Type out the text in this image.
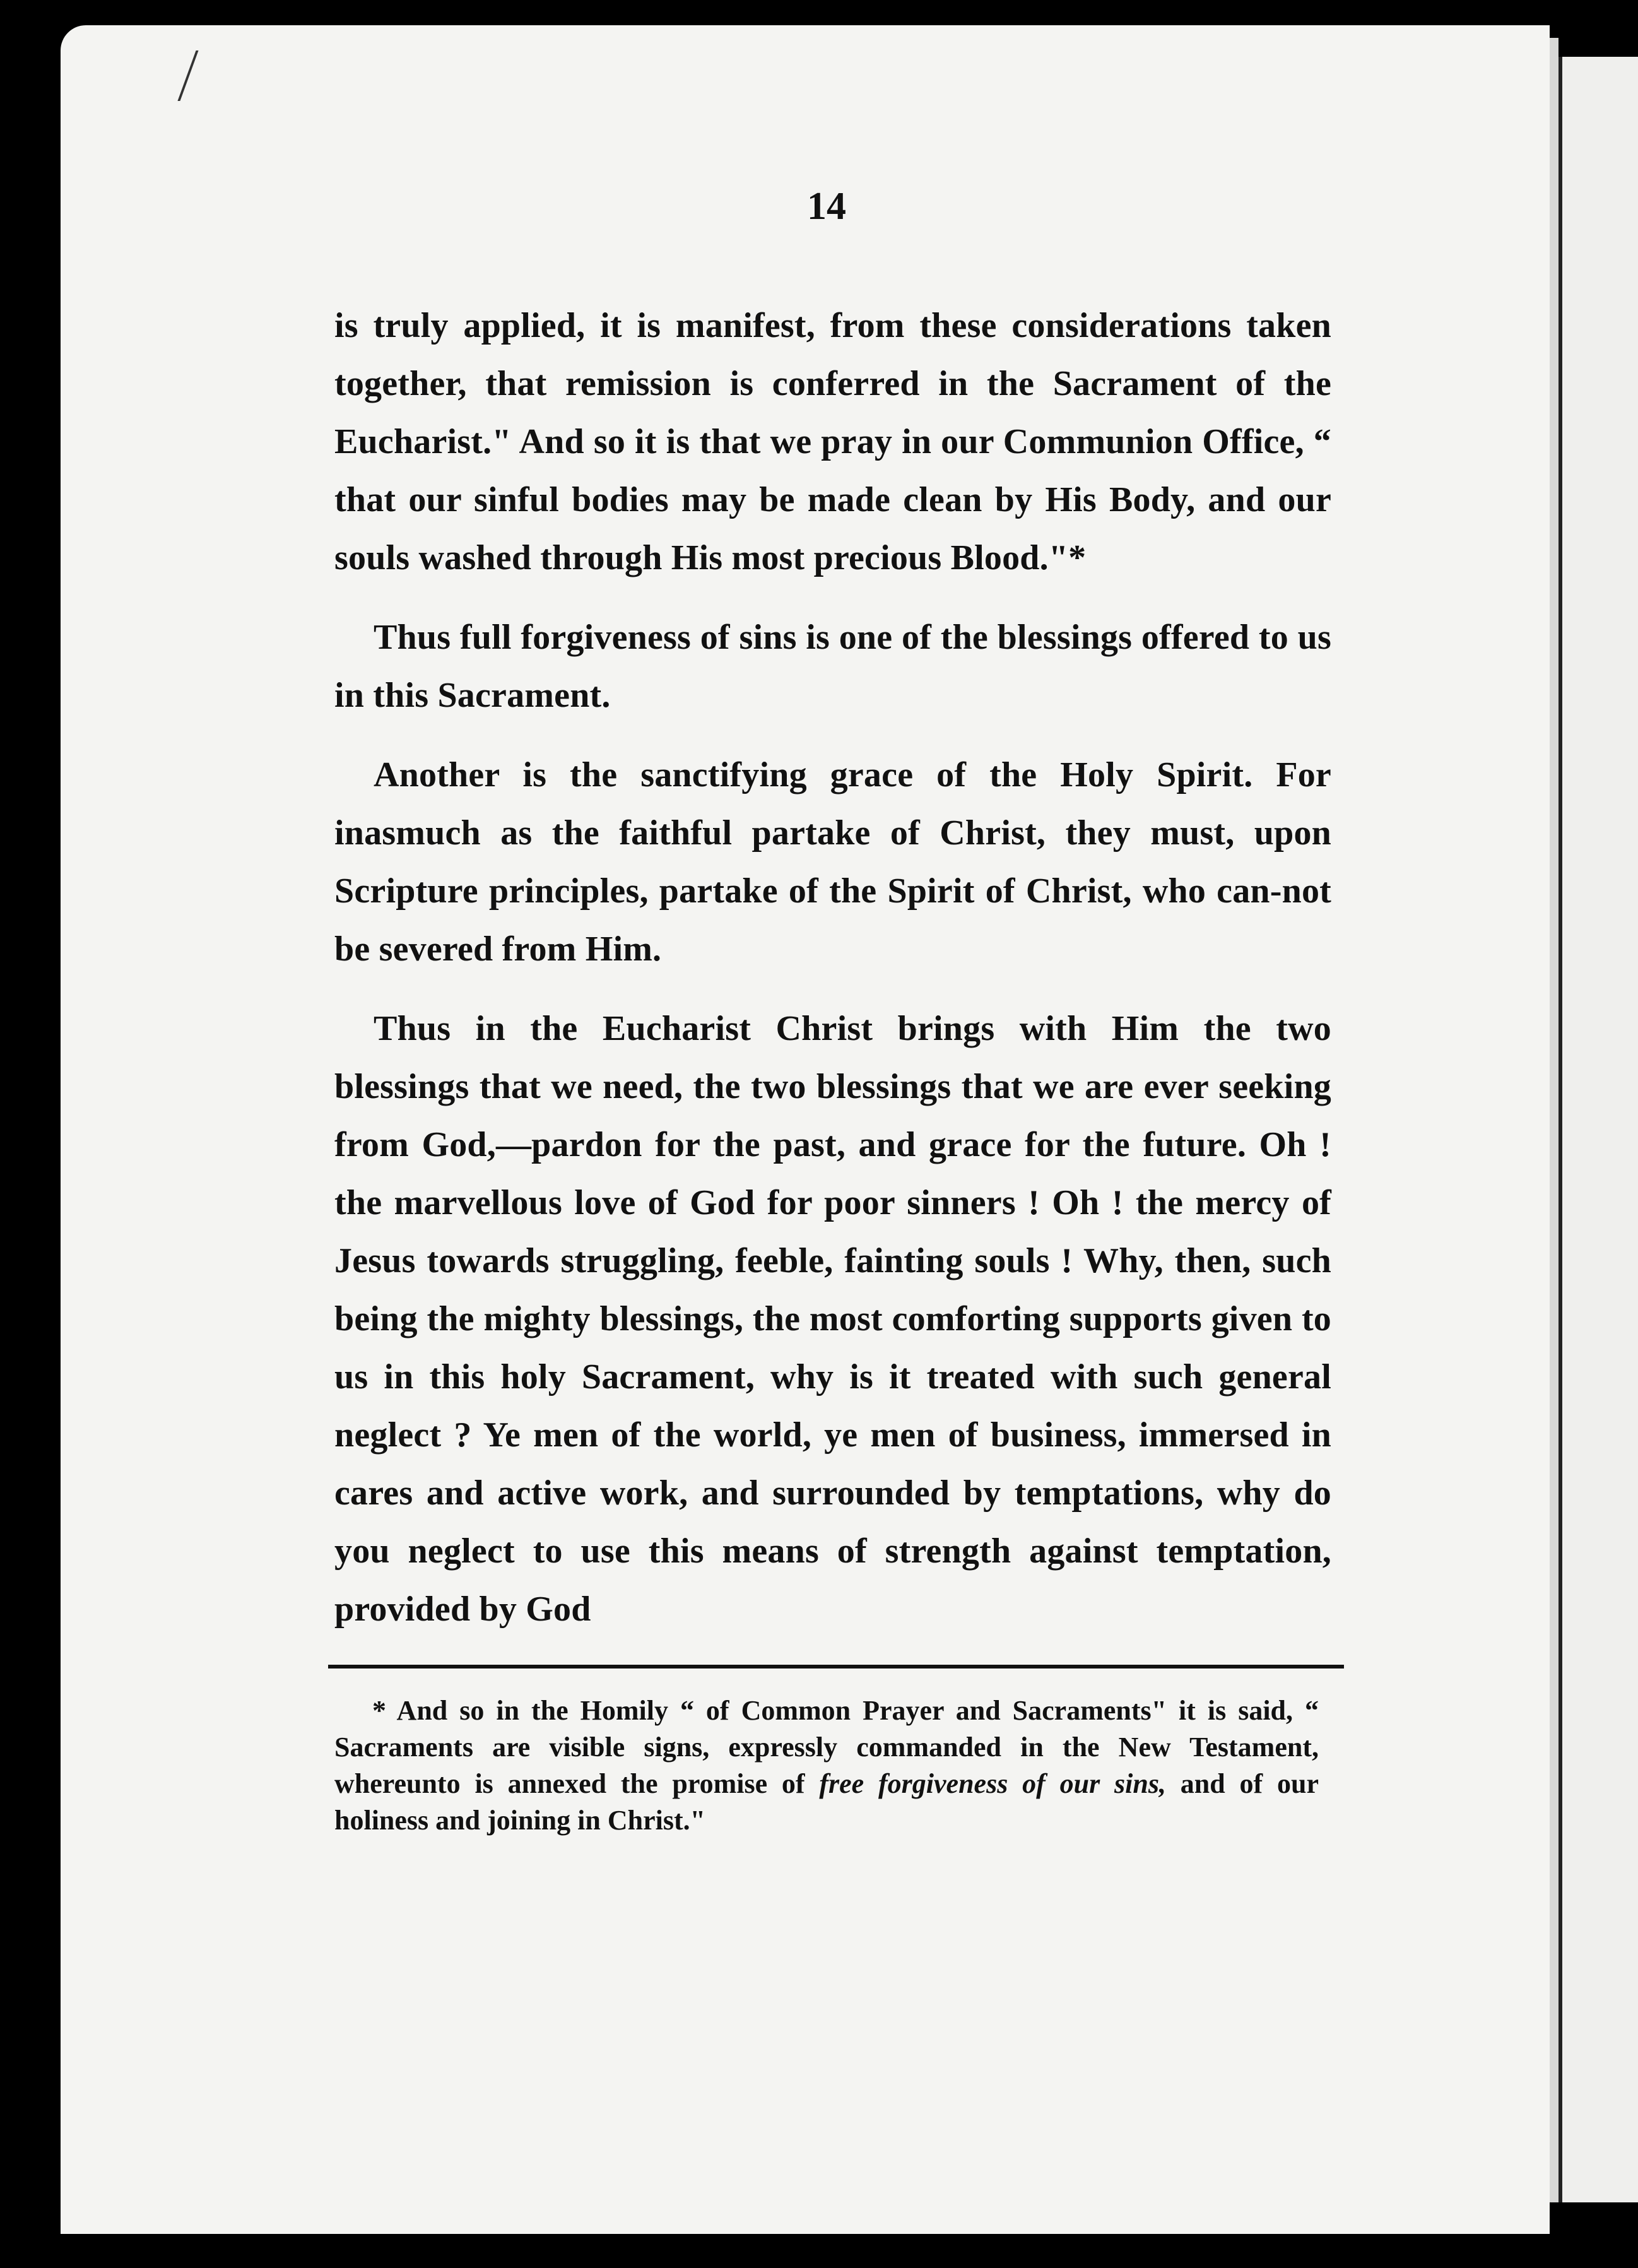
14

is truly applied, it is manifest, from these considerations taken together, that remission is conferred in the Sacrament of the Eucharist." And so it is that we pray in our Communion Office, “ that our sinful bodies may be made clean by His Body, and our souls washed through His most precious Blood."*

Thus full forgiveness of sins is one of the blessings offered to us in this Sacrament.

Another is the sanctifying grace of the Holy Spirit. For inasmuch as the faithful partake of Christ, they must, upon Scripture principles, partake of the Spirit of Christ, who can-not be severed from Him.

Thus in the Eucharist Christ brings with Him the two blessings that we need, the two blessings that we are ever seeking from God,—pardon for the past, and grace for the future. Oh ! the marvellous love of God for poor sinners ! Oh ! the mercy of Jesus towards struggling, feeble, fainting souls ! Why, then, such being the mighty blessings, the most comforting supports given to us in this holy Sacrament, why is it treated with such general neglect ? Ye men of the world, ye men of business, immersed in cares and active work, and surrounded by temptations, why do you neglect to use this means of strength against temptation, provided by God

* And so in the Homily “ of Common Prayer and Sacraments" it is said, “ Sacraments are visible signs, expressly commanded in the New Testament, whereunto is annexed the promise of free forgiveness of our sins, and of our holiness and joining in Christ."
